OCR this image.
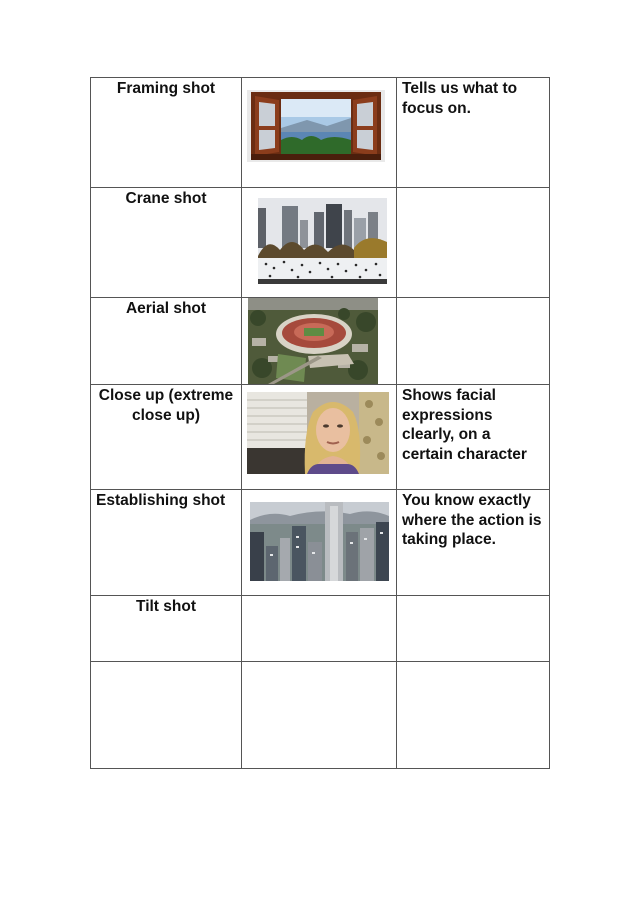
Framing shot		Tells us what to focus on.

Crane shot

Aerial shot

Close up (extreme close up)		Shows facial expressions clearly, on a certain character

Establishing shot		You know exactly where the action is taking place.

Tilt shot		
